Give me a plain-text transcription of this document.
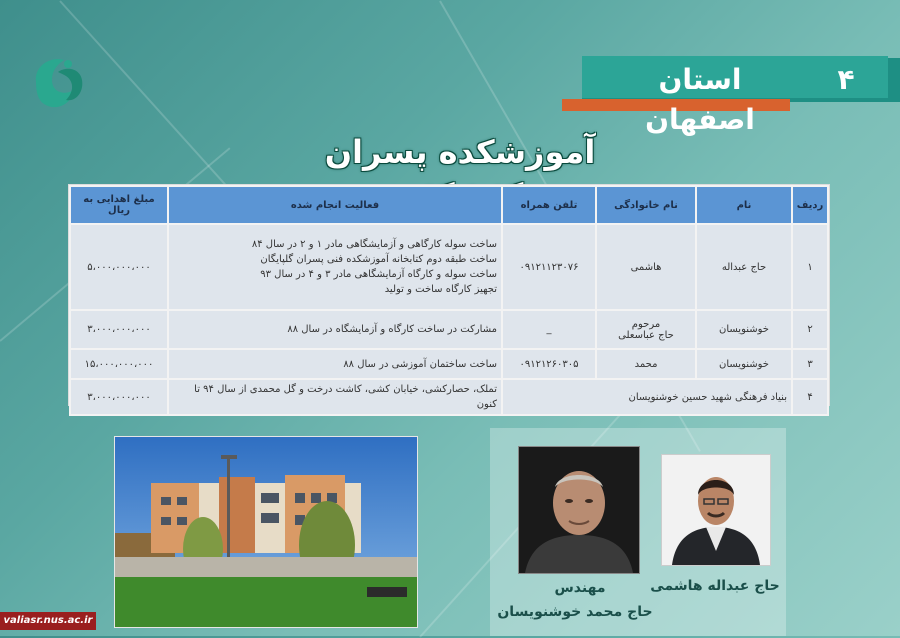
استان اصفهان
۴
آموزشکده پسران
ردیف	نام	نام خانوادگی	تلفن همراه	فعالیت انجام شده	مبلغ اهدایی به ریال
۱	حاج عبداله	هاشمی	۰۹۱۲۱۱۲۳۰۷۶	ساخت سوله کارگاهی و آزمایشگاهی مادر ۱ و ۲ در سال ۸۴
ساخت طبقه دوم کتابخانه آموزشکده فنی پسران گلپایگان
ساخت سوله و کارگاه آزمایشگاهی مادر ۳ و ۴ در سال ۹۳
تجهیز کارگاه ساخت و تولید	۵،۰۰۰،۰۰۰،۰۰۰
۲	خوشنویسان	مرحوم
حاج عباسعلی	_	مشارکت در ساخت کارگاه و آزمایشگاه در سال ۸۸	۳،۰۰۰،۰۰۰،۰۰۰
۳	خوشنویسان	محمد	۰۹۱۲۱۲۶۰۳۰۵	ساخت ساختمان آموزشی در سال ۸۸	۱۵،۰۰۰،۰۰۰،۰۰۰
۴	بنیاد فرهنگی شهید حسین خوشنویسان			تملک، حصارکشی، خیابان کشی، کاشت درخت و گل محمدی از سال ۹۴ تا کنون	۳،۰۰۰،۰۰۰،۰۰۰
حاج عبداله هاشمی
مهندس
حاج محمد خوشنویسان
valiasr.nus.ac.ir
